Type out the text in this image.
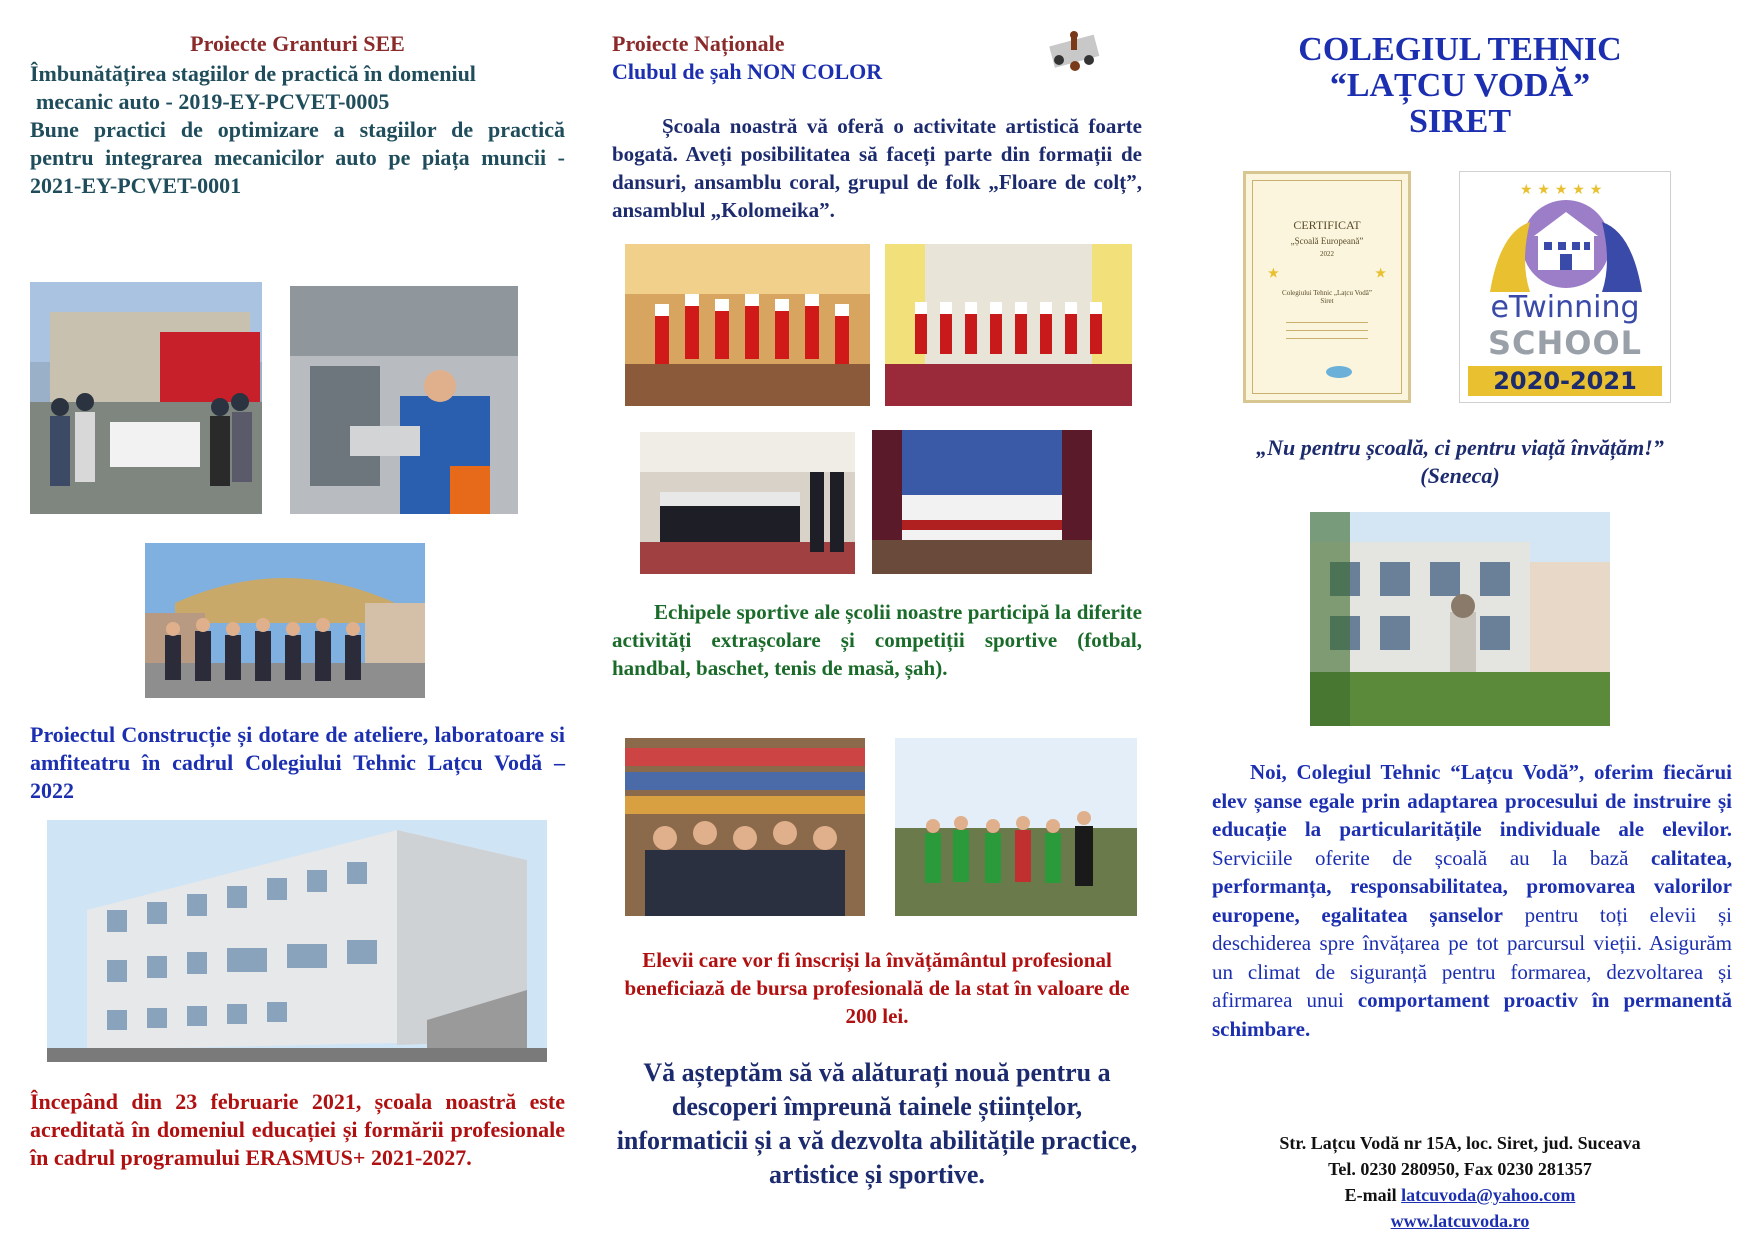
Proiecte Granturi SEE
Îmbunătățirea stagiilor de practică în domeniul
mecanic auto - 2019-EY-PCVET-0005
Bune practici de optimizare a stagiilor de practică pentru integrarea mecanicilor auto pe piața muncii - 2021-EY-PCVET-0001
Proiectul Construcție și dotare de ateliere, laboratoare si amfiteatru în cadrul Colegiului Tehnic Lațcu Vodă – 2022
Începând din 23 februarie 2021, școala noastră este acreditată în domeniul educației și formării profesionale în cadrul programului ERASMUS+ 2021-2027.
Proiecte Naționale
Clubul de șah NON COLOR
Școala noastră vă oferă o activitate artistică foarte bogată. Aveți posibilitatea să faceți parte din formații de dansuri, ansamblu coral, grupul de folk „Floare de colț”, ansamblul „Kolomeika”.
Echipele sportive ale școlii noastre participă la diferite activități extrașcolare și competiții sportive (fotbal, handbal, baschet, tenis de masă, șah).
Elevii care vor fi înscriși la învățământul profesional beneficiază de bursa profesională de la stat în valoare de 200 lei.
Vă așteptăm să vă alăturați nouă pentru a descoperi împreună tainele științelor, informaticii și a vă dezvolta abilitățile practice, artistice și sportive.
COLEGIUL TEHNIC
“LAȚCU VODĂ”
SIRET
CERTIFICAT
„Școală Europeană”
2022
Colegiului Tehnic „Lațcu Vodă” Siret
★	★
★ ★ ★ ★ ★
eTwinning
SCHOOL
2020-2021
„Nu pentru școală, ci pentru viață învățăm!”
(Seneca)
Noi, Colegiul Tehnic “Lațcu Vodă”, oferim fiecărui elev șanse egale prin adaptarea procesului de instruire și educație la particularitățile individuale ale elevilor. Serviciile oferite de școală au la bază calitatea, performanța, responsabilitatea, promovarea valorilor europene, egalitatea șanselor pentru toți elevii și deschiderea spre învățarea pe tot parcursul vieții. Asigurăm un climat de siguranță pentru formarea, dezvoltarea și afirmarea unui comportament proactiv în permanentă schimbare.
Str. Lațcu Vodă nr 15A, loc. Siret, jud. Suceava
Tel. 0230 280950, Fax 0230 281357
E-mail latcuvoda@yahoo.com
www.latcuvoda.ro
